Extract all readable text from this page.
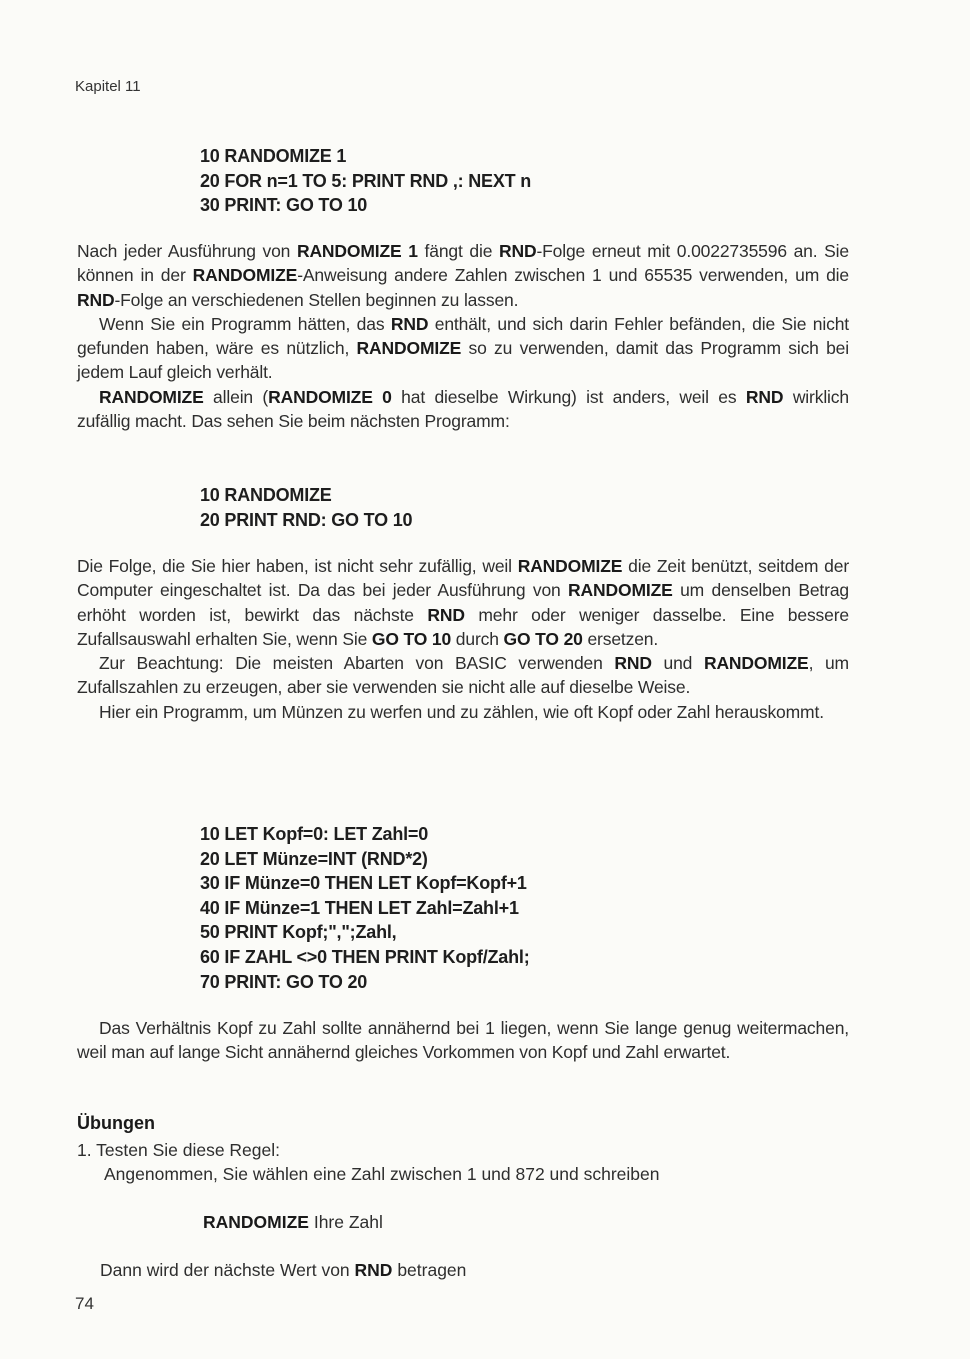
Kapitel 11
10 RANDOMIZE 1
20 FOR n=1 TO 5: PRINT RND ,: NEXT n
30 PRINT: GO TO 10

Nach jeder Ausführung von RANDOMIZE 1 fängt die RND-Folge erneut mit 0.0022735596 an. Sie können in der RANDOMIZE-Anweisung andere Zahlen zwischen 1 und 65535 verwenden, um die RND-Folge an verschiedenen Stellen beginnen zu lassen.

Wenn Sie ein Programm hätten, das RND enthält, und sich darin Fehler befänden, die Sie nicht gefunden haben, wäre es nützlich, RANDOMIZE so zu verwenden, damit das Programm sich bei jedem Lauf gleich verhält.

RANDOMIZE allein (RANDOMIZE 0 hat dieselbe Wirkung) ist anders, weil es RND wirklich zufällig macht. Das sehen Sie beim nächsten Programm:

10 RANDOMIZE
20 PRINT RND: GO TO 10

Die Folge, die Sie hier haben, ist nicht sehr zufällig, weil RANDOMIZE die Zeit benützt, seitdem der Computer eingeschaltet ist. Da das bei jeder Ausführung von RANDOMIZE um denselben Betrag erhöht worden ist, bewirkt das nächste RND mehr oder weniger dasselbe. Eine bessere Zufallsauswahl erhalten Sie, wenn Sie GO TO 10 durch GO TO 20 ersetzen.

Zur Beachtung: Die meisten Abarten von BASIC verwenden RND und RANDOMIZE, um Zufallszahlen zu erzeugen, aber sie verwenden sie nicht alle auf dieselbe Weise.

Hier ein Programm, um Münzen zu werfen und zu zählen, wie oft Kopf oder Zahl herauskommt.

10 LET Kopf=0: LET Zahl=0
20 LET Münze=INT (RND*2)
30 IF Münze=0 THEN LET Kopf=Kopf+1
40 IF Münze=1 THEN LET Zahl=Zahl+1
50 PRINT Kopf;",";Zahl,
60 IF ZAHL <>0 THEN PRINT Kopf/Zahl;
70 PRINT: GO TO 20

Das Verhältnis Kopf zu Zahl sollte annähernd bei 1 liegen, wenn Sie lange genug weitermachen, weil man auf lange Sicht annähernd gleiches Vorkommen von Kopf und Zahl erwartet.

Übungen
1. Testen Sie diese Regel:
Angenommen, Sie wählen eine Zahl zwischen 1 und 872 und schreiben
RANDOMIZE Ihre Zahl
Dann wird der nächste Wert von RND betragen
74
